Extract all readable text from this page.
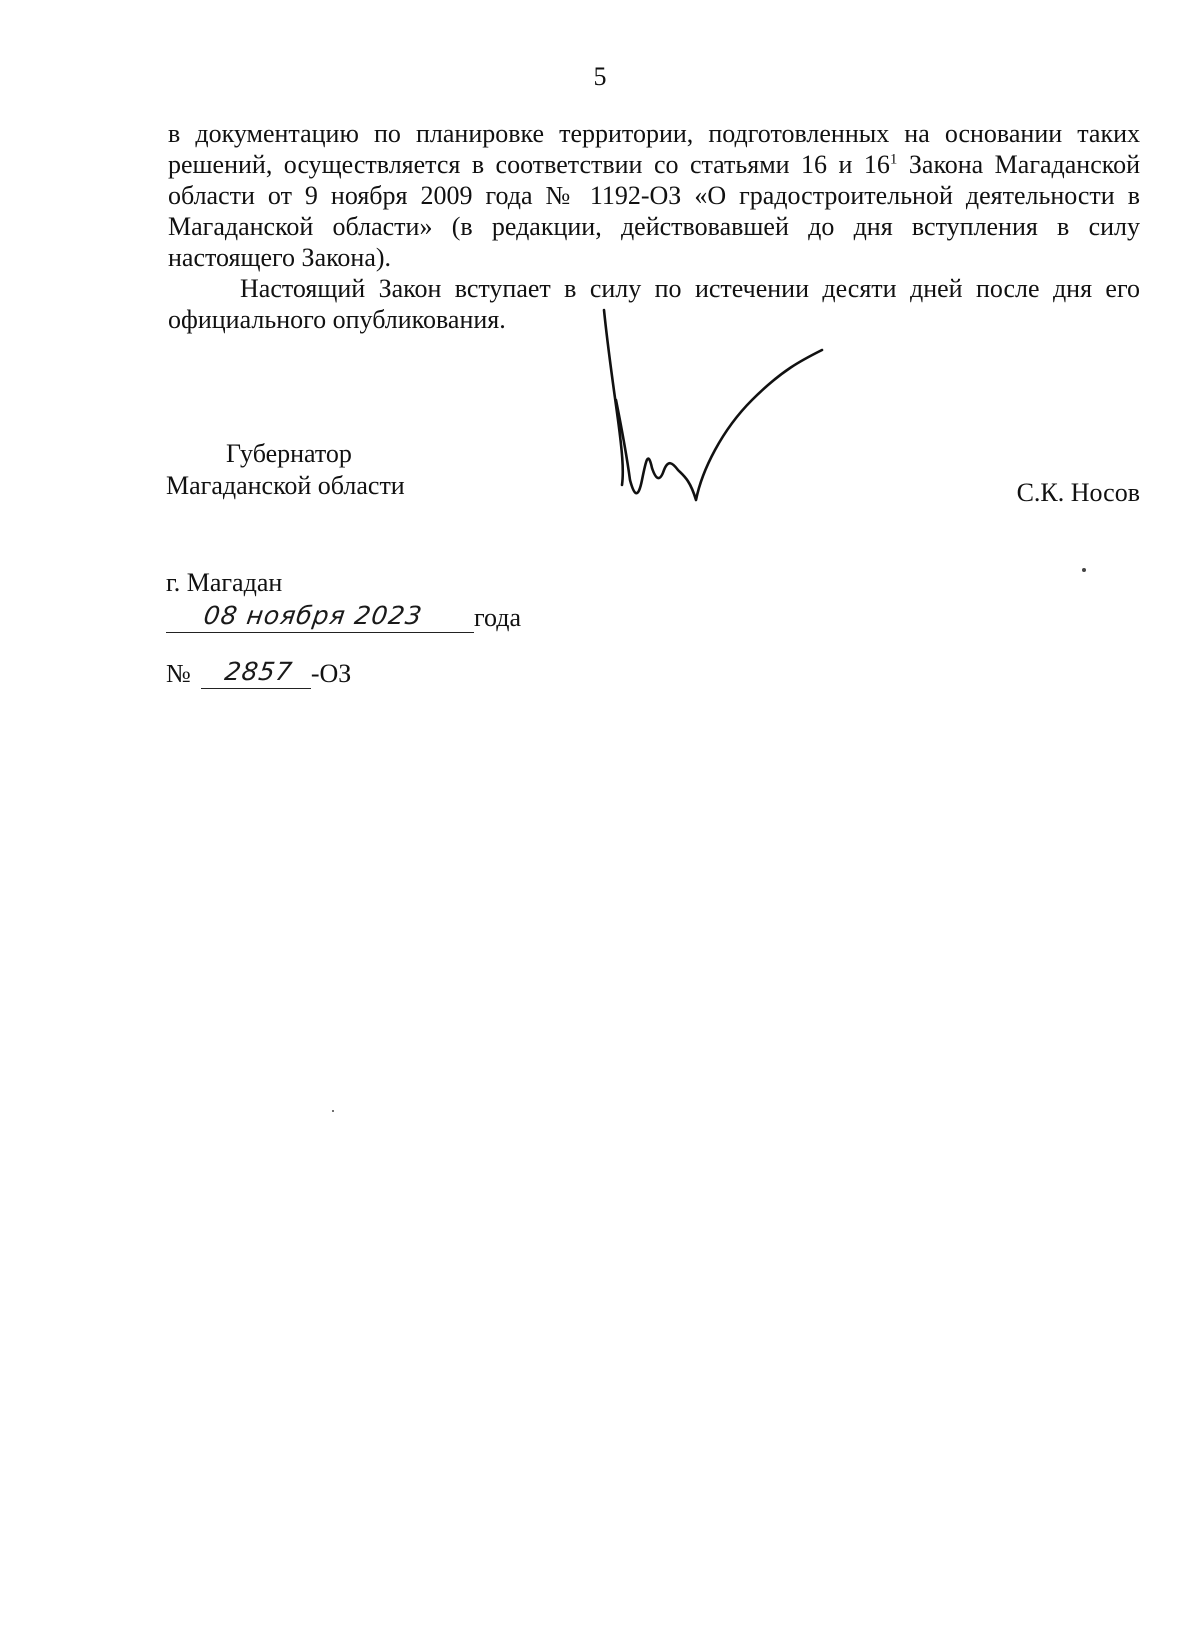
5

в документацию по планировке территории, подготовленных на основании таких решений, осуществляется в соответствии со статьями 16 и $16^1$ Закона Магаданской области от 9 ноября 2009 года № 1192-ОЗ «О градостроительной деятельности в Магаданской области» (в редакции, действовавшей до дня вступления в силу настоящего Закона).

Настоящий Закон вступает в силу по истечении десяти дней после дня его официального опубликования.

Губернатор
Магаданской области	С.К. Носов
г. Магадан
08 ноября 2023 года
№ 2857 -ОЗ
